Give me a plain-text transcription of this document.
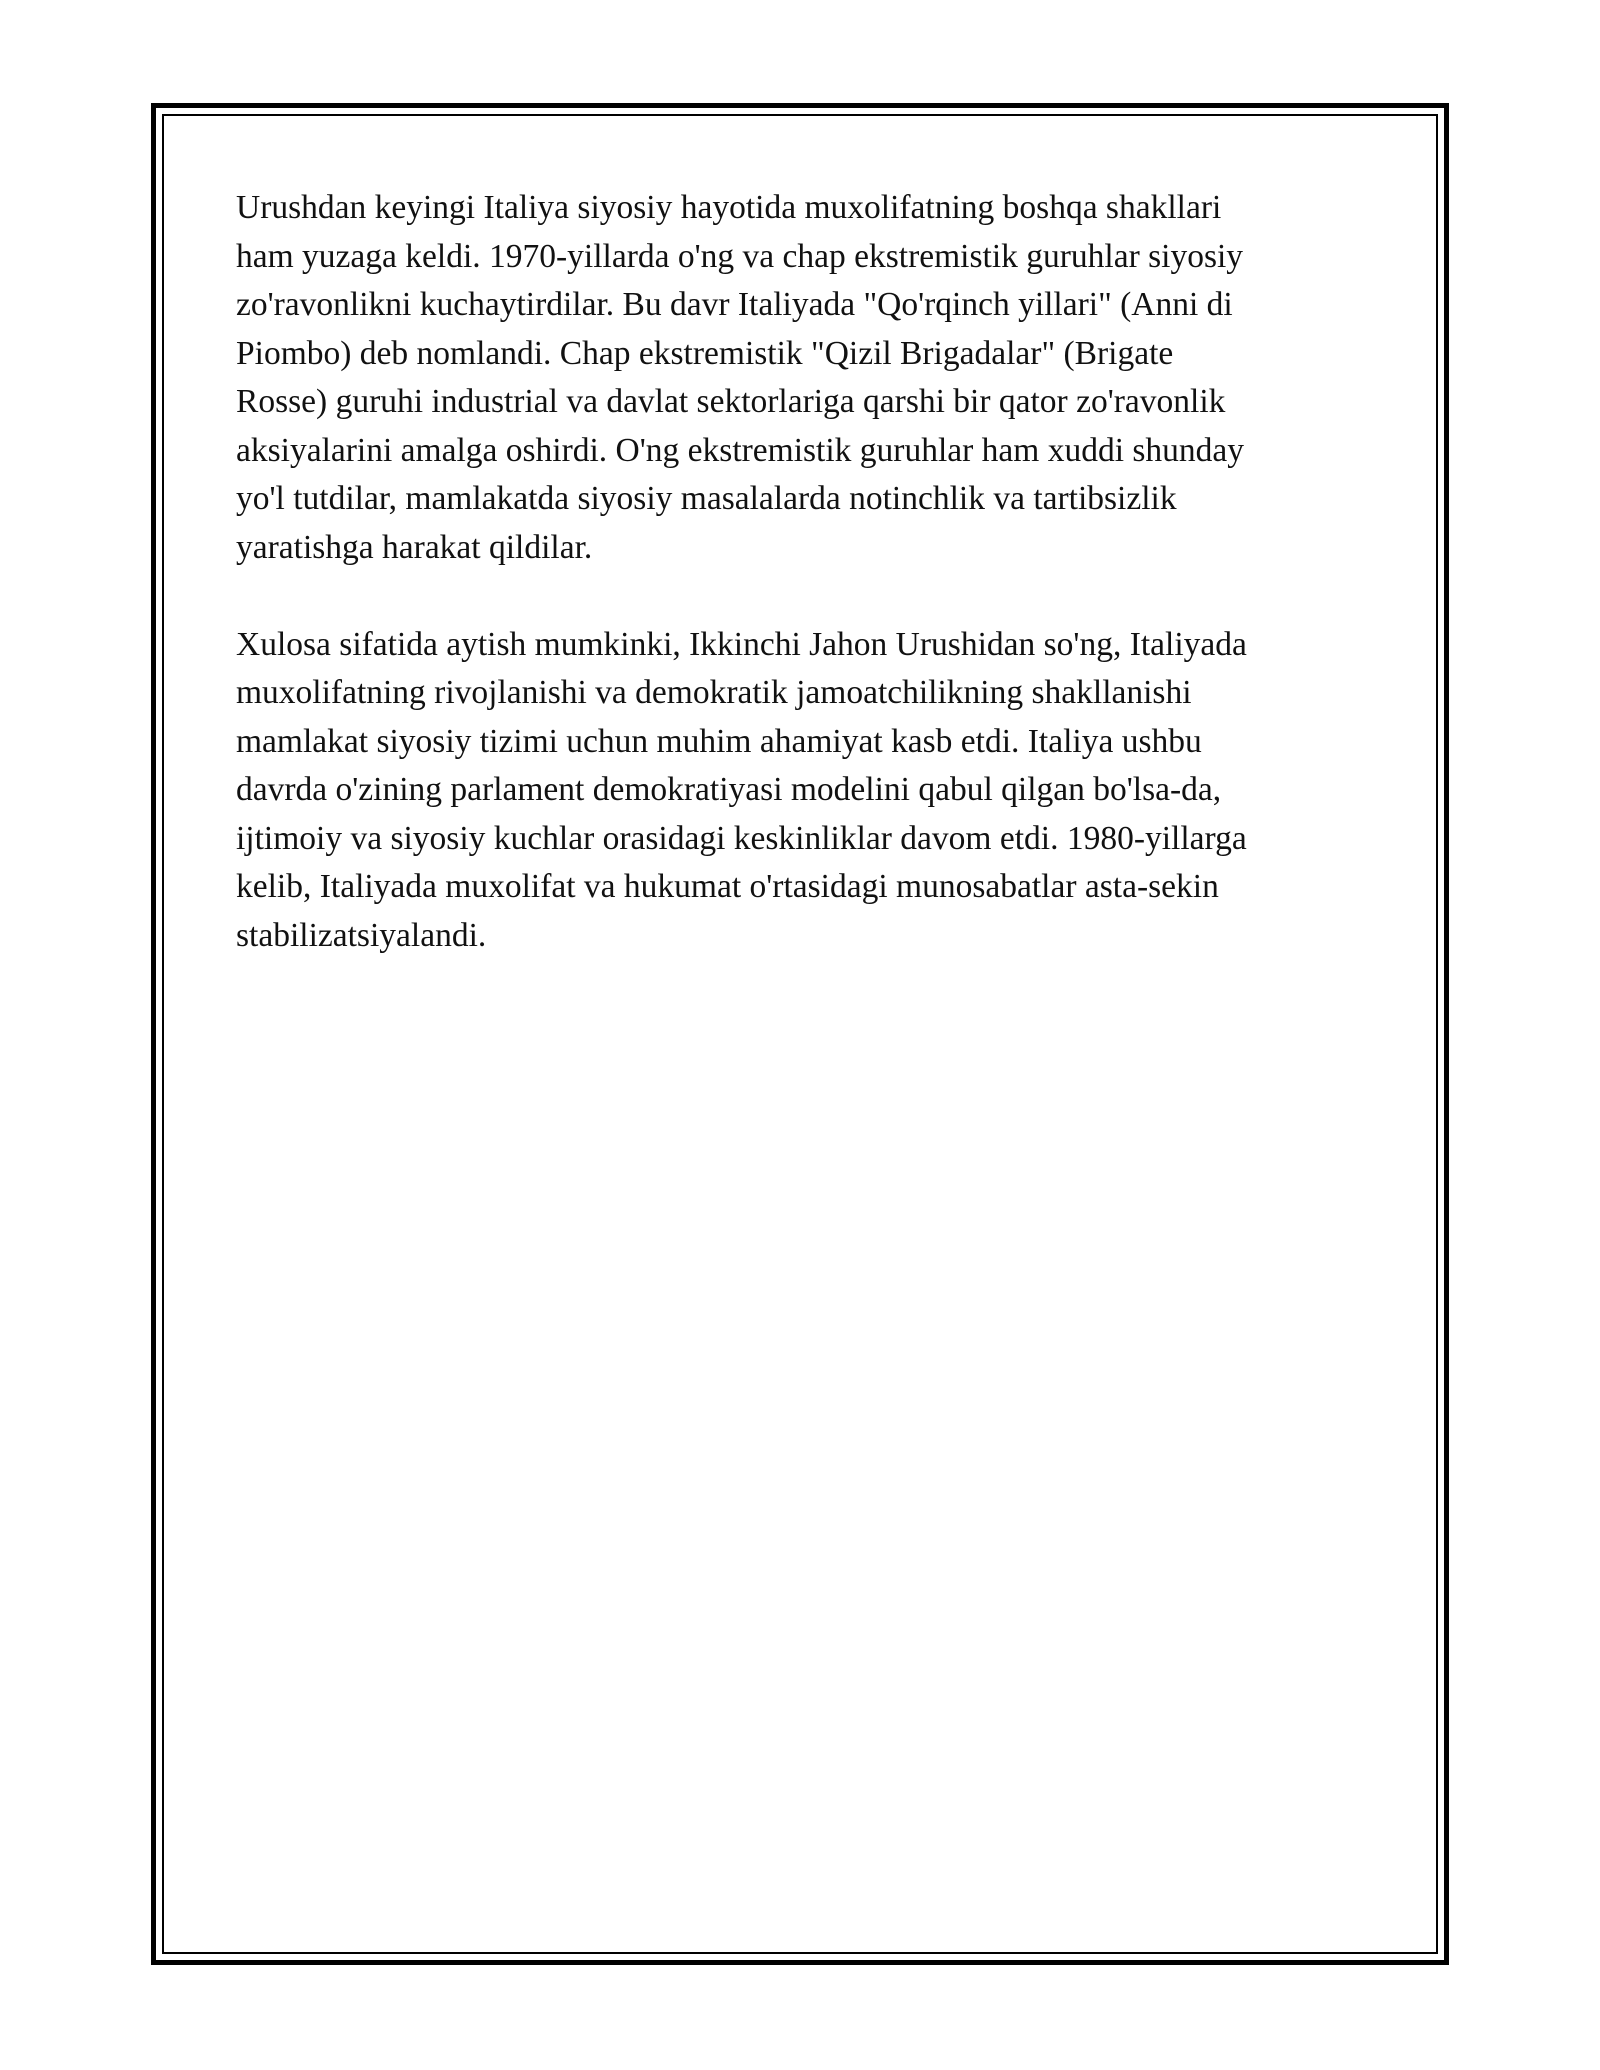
Urushdan keyingi Italiya siyosiy hayotida muxolifatning boshqa shakllari
ham yuzaga keldi. 1970-yillarda o'ng va chap ekstremistik guruhlar siyosiy
zo'ravonlikni kuchaytirdilar. Bu davr Italiyada "Qo'rqinch yillari" (Anni di
Piombo) deb nomlandi. Chap ekstremistik "Qizil Brigadalar" (Brigate
Rosse) guruhi industrial va davlat sektorlariga qarshi bir qator zo'ravonlik
aksiyalarini amalga oshirdi. O'ng ekstremistik guruhlar ham xuddi shunday
yo'l tutdilar, mamlakatda siyosiy masalalarda notinchlik va tartibsizlik
yaratishga harakat qildilar.

Xulosa sifatida aytish mumkinki, Ikkinchi Jahon Urushidan so'ng, Italiyada
muxolifatning rivojlanishi va demokratik jamoatchilikning shakllanishi
mamlakat siyosiy tizimi uchun muhim ahamiyat kasb etdi. Italiya ushbu
davrda o'zining parlament demokratiyasi modelini qabul qilgan bo'lsa-da,
ijtimoiy va siyosiy kuchlar orasidagi keskinliklar davom etdi. 1980-yillarga
kelib, Italiyada muxolifat va hukumat o'rtasidagi munosabatlar asta-sekin
stabilizatsiyalandi.
